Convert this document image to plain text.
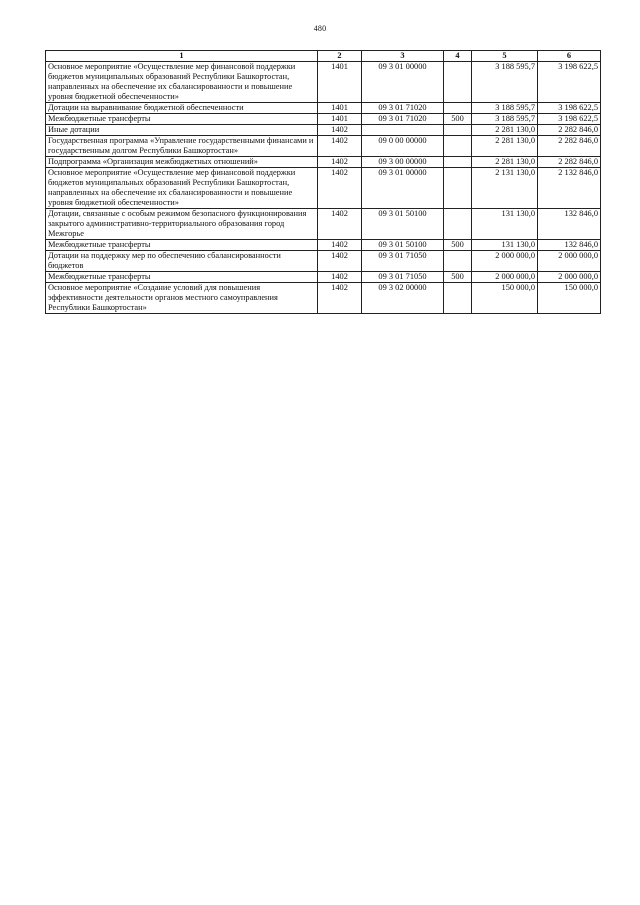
480
1	2	3	4	5	6
Основное мероприятие «Осуществление мер финансовой поддержки бюджетов муниципальных образований Республики Башкортостан, направленных на обеспечение их сбалансированности и повышение уровня бюджетной обеспеченности»	1401	09 3 01 00000		3 188 595,7	3 198 622,5
Дотации на выравнивание бюджетной обеспеченности	1401	09 3 01 71020		3 188 595,7	3 198 622,5
Межбюджетные трансферты	1401	09 3 01 71020	500	3 188 595,7	3 198 622,5
Иные дотации	1402			2 281 130,0	2 282 846,0
Государственная программа «Управление государственными финансами и государственным долгом Республики Башкортостан»	1402	09 0 00 00000		2 281 130,0	2 282 846,0
Подпрограмма «Организация межбюджетных отношений»	1402	09 3 00 00000		2 281 130,0	2 282 846,0
Основное мероприятие «Осуществление мер финансовой поддержки бюджетов муниципальных образований Республики Башкортостан, направленных на обеспечение их сбалансированности и повышение уровня бюджетной обеспеченности»	1402	09 3 01 00000		2 131 130,0	2 132 846,0
Дотации, связанные с особым режимом безопасного функционирования закрытого административно-территориального образования город Межгорье	1402	09 3 01 50100		131 130,0	132 846,0
Межбюджетные трансферты	1402	09 3 01 50100	500	131 130,0	132 846,0
Дотации на поддержку мер по обеспечению сбалансированности бюджетов	1402	09 3 01 71050		2 000 000,0	2 000 000,0
Межбюджетные трансферты	1402	09 3 01 71050	500	2 000 000,0	2 000 000,0
Основное мероприятие «Создание условий для повышения эффективности деятельности органов местного самоуправления Республики Башкортостан»	1402	09 3 02 00000		150 000,0	150 000,0
